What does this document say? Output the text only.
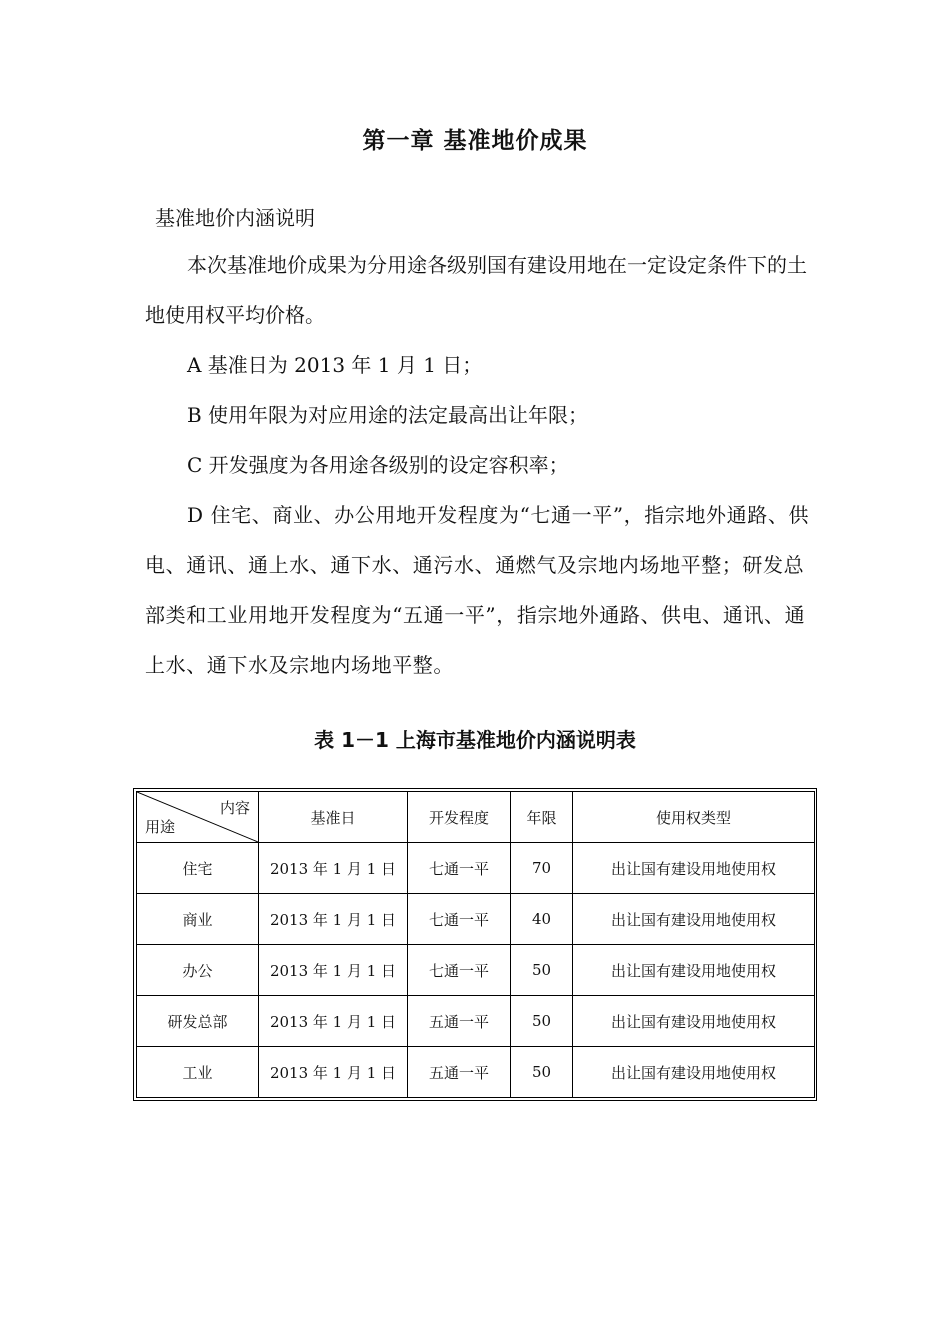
第一章 基准地价成果
基准地价内涵说明

本次基准地价成果为分用途各级别国有建设用地在一定设定条件下的土地使用权平均价格。

A 基准日为 2013 年 1 月 1 日；

B 使用年限为对应用途的法定最高出让年限；

C 开发强度为各用途各级别的设定容积率；

D 住宅、商业、办公用地开发程度为“七通一平”，指宗地外通路、供电、通讯、通上水、通下水、通污水、通燃气及宗地内场地平整；研发总部类和工业用地开发程度为“五通一平”，指宗地外通路、供电、通讯、通上水、通下水及宗地内场地平整。

表 1－1 上海市基准地价内涵说明表
内容
用途	基准日	开发程度	年限	使用权类型
住宅	2013 年 1 月 1 日	七通一平	70	出让国有建设用地使用权
商业	2013 年 1 月 1 日	七通一平	40	出让国有建设用地使用权
办公	2013 年 1 月 1 日	七通一平	50	出让国有建设用地使用权
研发总部	2013 年 1 月 1 日	五通一平	50	出让国有建设用地使用权
工业	2013 年 1 月 1 日	五通一平	50	出让国有建设用地使用权
